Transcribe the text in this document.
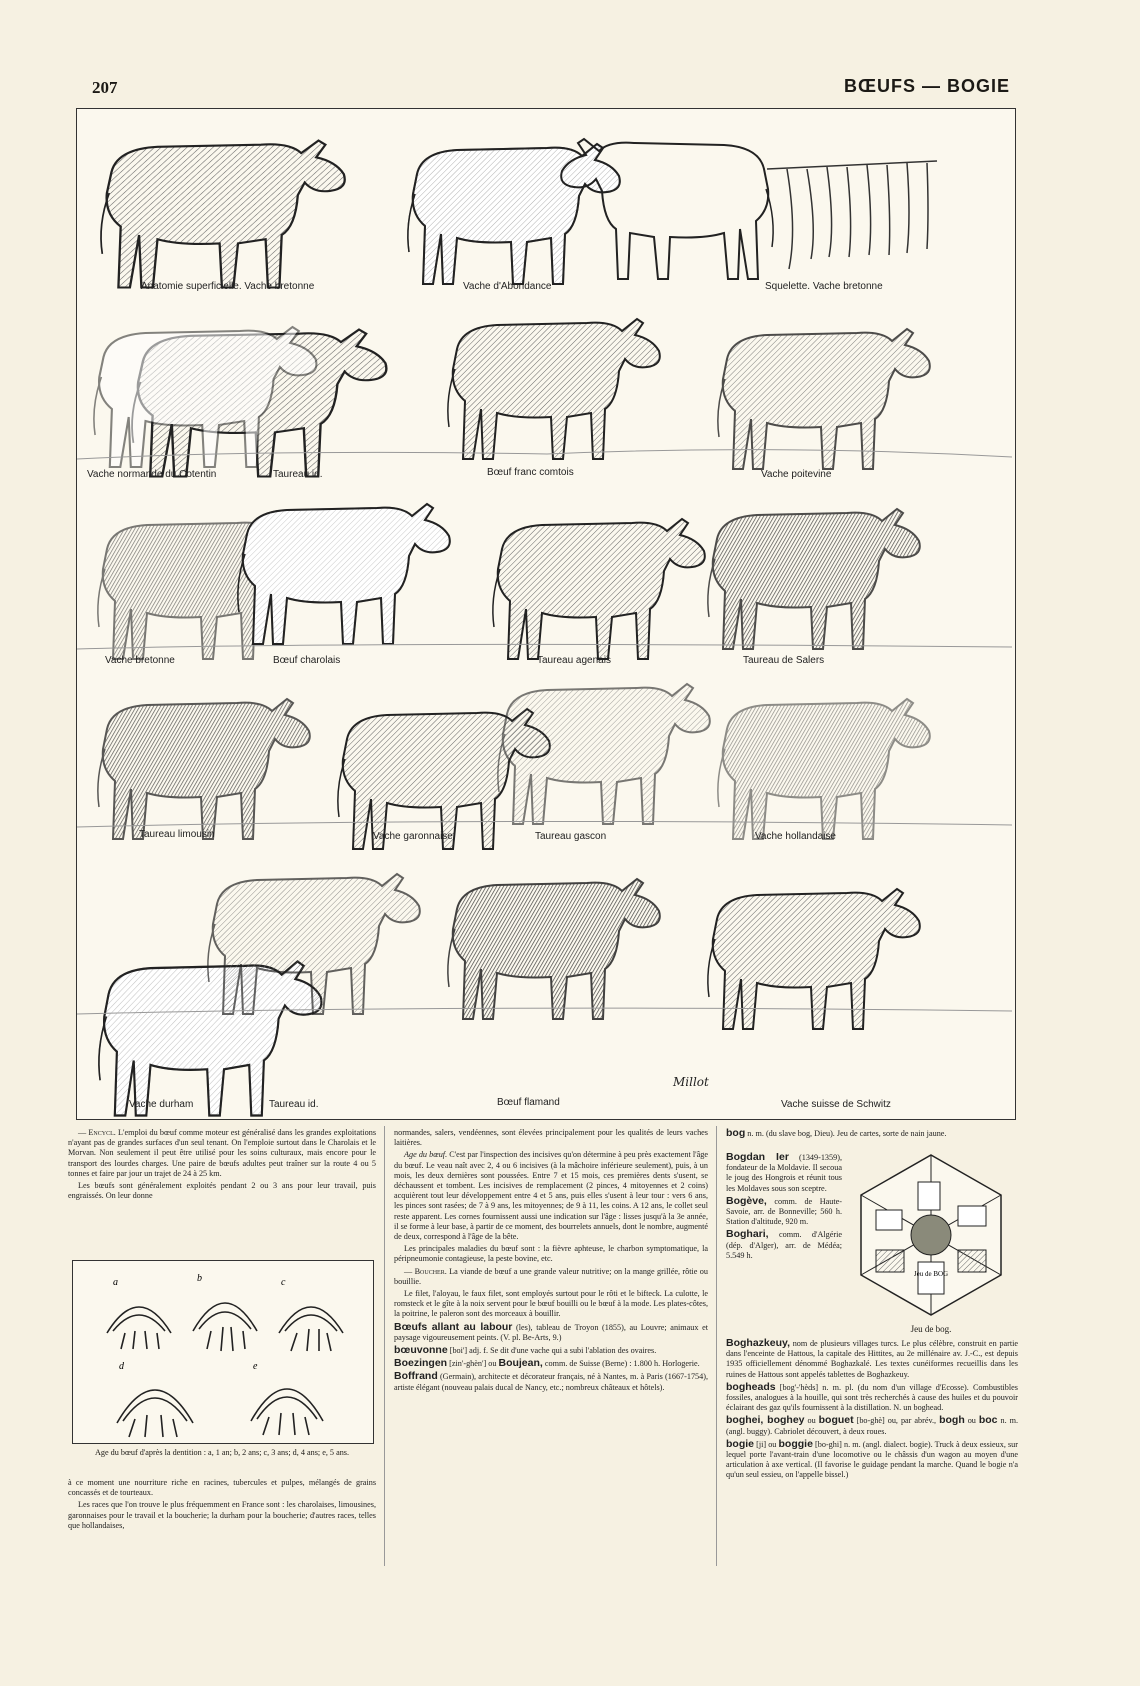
207	BŒUFS — BOGIE
Anatomie superficielle. Vache bretonne	Vache d'Abondance	Squelette. Vache bretonne
Vache normande du Cotentin	Taureau id.	Bœuf franc comtois	Vache poitevine
Vache bretonne	Bœuf charolais	Taureau agenais	Taureau de Salers
Taureau limousin	Vache garonnaise	Taureau gascon	Vache hollandaise
Vache durham	Taureau id.	Bœuf flamand
Millot
Vache suisse de Schwitz

— Encycl. L'emploi du bœuf comme moteur est généralisé dans les grandes exploitations n'ayant pas de grandes surfaces d'un seul tenant. On l'emploie surtout dans le Charolais et le Morvan. Non seulement il peut être utilisé pour les soins culturaux, mais encore pour le transport des lourdes charges. Une paire de bœufs adultes peut traîner sur la route 4 ou 5 tonnes et faire par jour un trajet de 24 à 25 km.

Les bœufs sont généralement exploités pendant 2 ou 3 ans pour leur travail, puis engraissés. On leur donne

a	b	c
d	e
Age du bœuf d'après la dentition : a, 1 an; b, 2 ans; c, 3 ans; d, 4 ans; e, 5 ans.

à ce moment une nourriture riche en racines, tubercules et pulpes, mélangés de grains concassés et de tourteaux.

Les races que l'on trouve le plus fréquemment en France sont : les charolaises, limousines, garonnaises pour le travail et la boucherie; la durham pour la boucherie; d'autres races, telles que hollandaises,

normandes, salers, vendéennes, sont élevées principalement pour les qualités de leurs vaches laitières.

Age du bœuf. C'est par l'inspection des incisives qu'on détermine à peu près exactement l'âge du bœuf. Le veau naît avec 2, 4 ou 6 incisives (à la mâchoire inférieure seulement), puis, à un mois, les deux dernières sont poussées. Entre 7 et 15 mois, ces premières dents s'usent, se déchaussent et tombent. Les incisives de remplacement (2 pinces, 4 mitoyennes et 2 coins) acquièrent tout leur développement entre 4 et 5 ans, puis elles s'usent à leur tour : vers 6 ans, les pinces sont rasées; de 7 à 9 ans, les mitoyennes; de 9 à 11, les coins. A 12 ans, le collet seul reste apparent. Les cornes fournissent aussi une indication sur l'âge : lisses jusqu'à la 3e année, il se forme à leur base, à partir de ce moment, des bourrelets annuels, dont le nombre, augmenté de deux, correspond à l'âge de la bête.

Les principales maladies du bœuf sont : la fièvre aphteuse, le charbon symptomatique, la péripneumonie contagieuse, la peste bovine, etc.

— Boucher. La viande de bœuf a une grande valeur nutritive; on la mange grillée, rôtie ou bouillie.

Le filet, l'aloyau, le faux filet, sont employés surtout pour le rôti et le bifteck. La culotte, le romsteck et le gîte à la noix servent pour le bœuf bouilli ou le bœuf à la mode. Les plates-côtes, la poitrine, le paleron sont des morceaux à bouillir.

Bœufs allant au labour (les), tableau de Troyon (1855), au Louvre; animaux et paysage vigoureusement peints. (V. pl. Be-Arts, 9.)

bœuvonne [boi'] adj. f. Se dit d'une vache qui a subi l'ablation des ovaires.

Boezingen [zin'-ghèn'] ou Boujean, comm. de Suisse (Berne) : 1.800 h. Horlogerie.

Boffrand (Germain), architecte et décorateur français, né à Nantes, m. à Paris (1667-1754), artiste élégant (nouveau palais ducal de Nancy, etc.; nombreux châteaux et hôtels).

bog n. m. (du slave bog, Dieu). Jeu de cartes, sorte de nain jaune.

Bogdan Ier (1349-1359), fondateur de la Moldavie. Il secoua le joug des Hongrois et réunit tous les Moldaves sous son sceptre.

Bogève, comm. de Haute-Savoie, arr. de Bonneville; 560 h. Station d'altitude, 920 m.

Boghari, comm. d'Algérie (dép. d'Alger), arr. de Médéa; 5.549 h.

Jeu de BOG
Jeu de bog.

Boghazkeuy, nom de plusieurs villages turcs. Le plus célèbre, construit en partie dans l'enceinte de Hattous, la capitale des Hittites, au 2e millénaire av. J.-C., est depuis 1935 officiellement dénommé Boghazkalé. Les textes cunéiformes recueillis dans les ruines de Hattous sont appelés tablettes de Boghazkeuy.

bogheads [bog'-'hèds] n. m. pl. (du nom d'un village d'Ecosse). Combustibles fossiles, analogues à la houille, qui sont très recherchés à cause des huiles et du pouvoir éclairant des gaz qu'ils fournissent à la distillation. N. un boghead.

boghei, boghey ou boguet [bo-ghè] ou, par abrév., bogh ou boc n. m. (angl. buggy). Cabriolet découvert, à deux roues.

bogie [ji] ou boggie [bo-ghi] n. m. (angl. dialect. bogie). Truck à deux essieux, sur lequel porte l'avant-train d'une locomotive ou le châssis d'un wagon au moyen d'une articulation à axe vertical. (Il favorise le guidage pendant la marche. Quand le bogie n'a qu'un seul essieu, on l'appelle bissel.)
